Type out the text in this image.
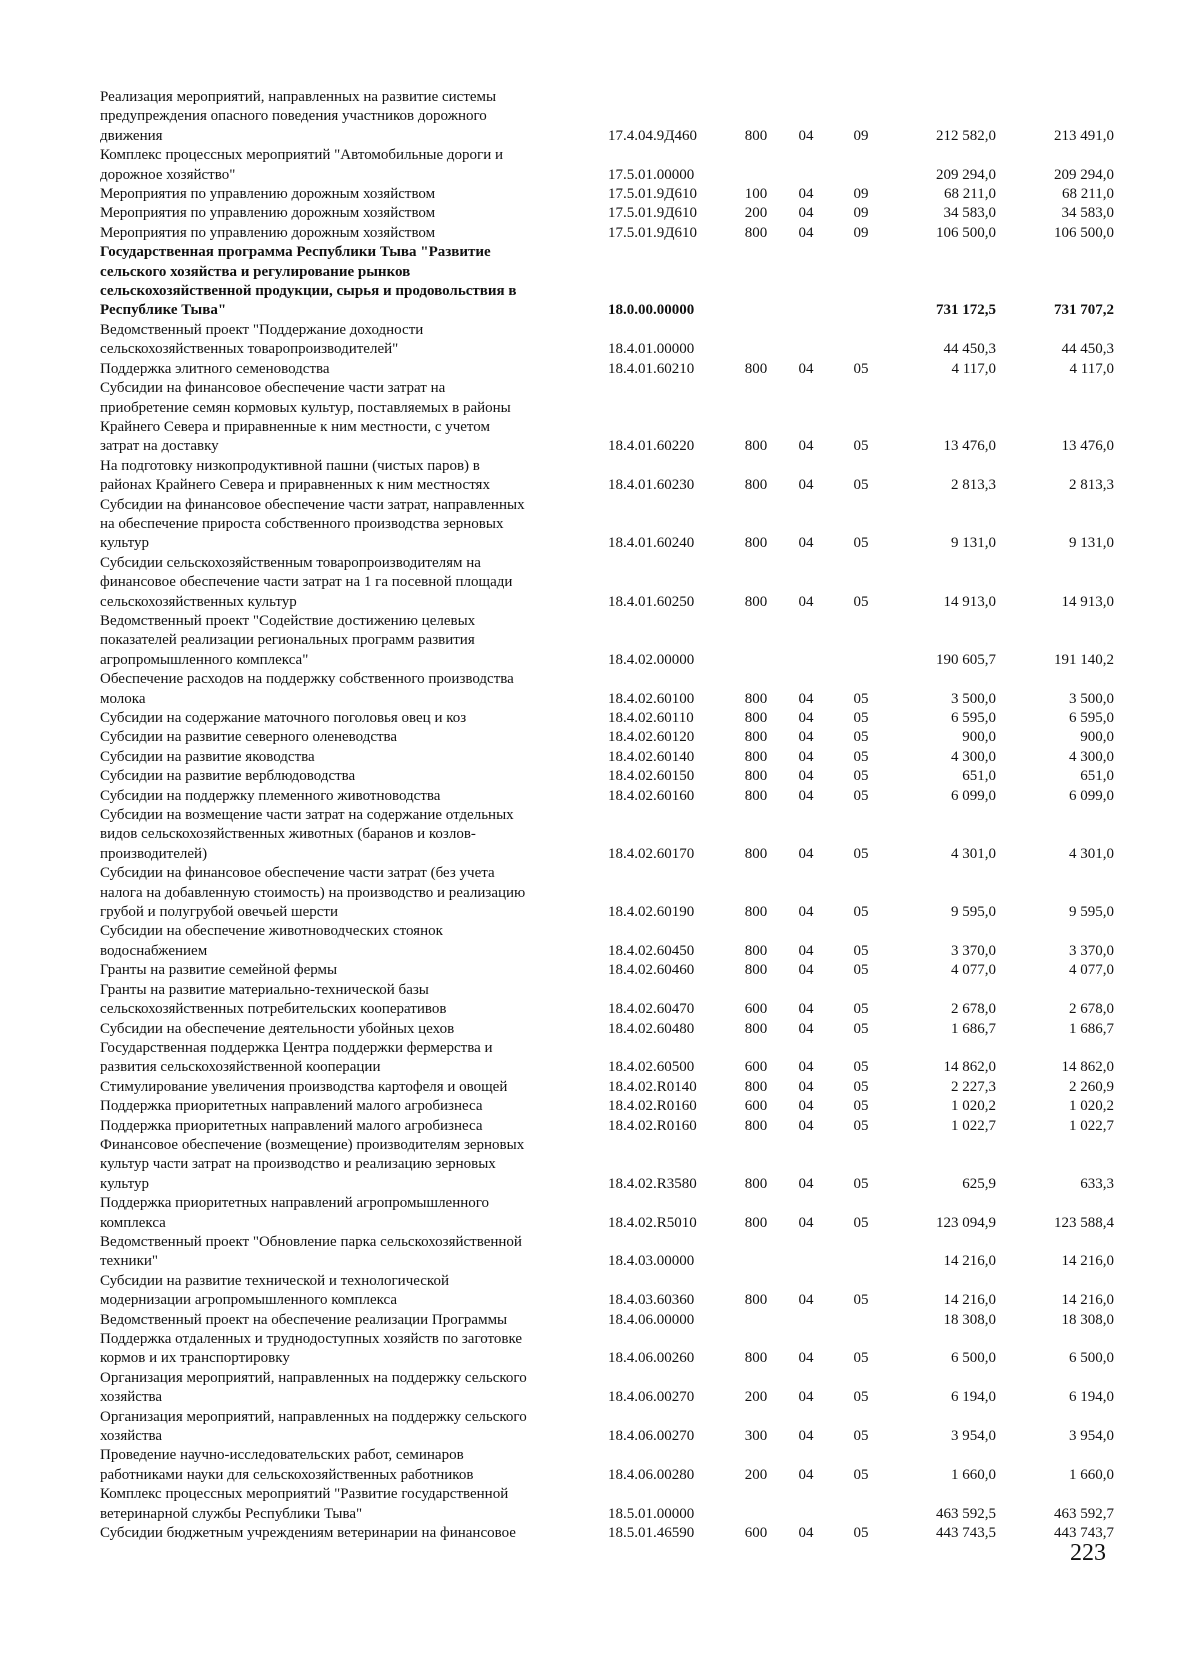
Реализация мероприятий, направленных на развитие системы
предупреждения опасного поведения участников дорожного
движения	17.4.04.9Д460	800	04	09	212 582,0	213 491,0
Комплекс процессных мероприятий "Автомобильные дороги и
дорожное хозяйство"	17.5.01.00000	209 294,0	209 294,0
Мероприятия по управлению дорожным хозяйством	17.5.01.9Д610	100	04	09	68 211,0	68 211,0
Мероприятия по управлению дорожным хозяйством	17.5.01.9Д610	200	04	09	34 583,0	34 583,0
Мероприятия по управлению дорожным хозяйством	17.5.01.9Д610	800	04	09	106 500,0	106 500,0
Государственная программа Республики Тыва "Развитие
сельского хозяйства и регулирование рынков
сельскохозяйственной продукции, сырья и продовольствия в
Республике Тыва"	18.0.00.00000	731 172,5	731 707,2
Ведомственный проект "Поддержание доходности
сельскохозяйственных товаропроизводителей"	18.4.01.00000	44 450,3	44 450,3
Поддержка элитного семеноводства	18.4.01.60210	800	04	05	4 117,0	4 117,0
Субсидии на финансовое обеспечение части затрат на
приобретение семян кормовых культур, поставляемых в районы
Крайнего Севера и приравненные к ним местности, с учетом
затрат на доставку	18.4.01.60220	800	04	05	13 476,0	13 476,0
На подготовку низкопродуктивной пашни (чистых паров) в
районах Крайнего Севера и приравненных к ним местностях	18.4.01.60230	800	04	05	2 813,3	2 813,3
Субсидии на финансовое обеспечение части затрат, направленных
на обеспечение прироста собственного производства зерновых
культур	18.4.01.60240	800	04	05	9 131,0	9 131,0
Субсидии сельскохозяйственным товаропроизводителям на
финансовое обеспечение части затрат на 1 га посевной площади
сельскохозяйственных культур	18.4.01.60250	800	04	05	14 913,0	14 913,0
Ведомственный проект "Содействие достижению целевых
показателей реализации региональных программ развития
агропромышленного комплекса"	18.4.02.00000	190 605,7	191 140,2
Обеспечение расходов на поддержку собственного производства
молока	18.4.02.60100	800	04	05	3 500,0	3 500,0
Субсидии на содержание маточного поголовья овец и коз	18.4.02.60110	800	04	05	6 595,0	6 595,0
Субсидии на развитие северного оленеводства	18.4.02.60120	800	04	05	900,0	900,0
Субсидии на развитие яководства	18.4.02.60140	800	04	05	4 300,0	4 300,0
Субсидии на развитие верблюдоводства	18.4.02.60150	800	04	05	651,0	651,0
Субсидии на поддержку племенного животноводства	18.4.02.60160	800	04	05	6 099,0	6 099,0
Субсидии на возмещение части затрат на содержание отдельных
видов сельскохозяйственных животных (баранов и козлов-
производителей)	18.4.02.60170	800	04	05	4 301,0	4 301,0
Субсидии на финансовое обеспечение части затрат (без учета
налога на добавленную стоимость) на производство и реализацию
грубой и полугрубой овечьей шерсти	18.4.02.60190	800	04	05	9 595,0	9 595,0
Субсидии на обеспечение животноводческих стоянок
водоснабжением	18.4.02.60450	800	04	05	3 370,0	3 370,0
Гранты на развитие семейной фермы	18.4.02.60460	800	04	05	4 077,0	4 077,0
Гранты на развитие материально-технической базы
сельскохозяйственных потребительских кооперативов	18.4.02.60470	600	04	05	2 678,0	2 678,0
Субсидии на обеспечение деятельности убойных цехов	18.4.02.60480	800	04	05	1 686,7	1 686,7
Государственная поддержка Центра поддержки фермерства и
развития сельскохозяйственной кооперации	18.4.02.60500	600	04	05	14 862,0	14 862,0
Стимулирование увеличения производства картофеля и овощей	18.4.02.R0140	800	04	05	2 227,3	2 260,9
Поддержка приоритетных направлений малого агробизнеса	18.4.02.R0160	600	04	05	1 020,2	1 020,2
Поддержка приоритетных направлений малого агробизнеса	18.4.02.R0160	800	04	05	1 022,7	1 022,7
Финансовое обеспечение (возмещение) производителям зерновых
культур части затрат на производство и реализацию зерновых
культур	18.4.02.R3580	800	04	05	625,9	633,3
Поддержка приоритетных направлений агропромышленного
комплекса	18.4.02.R5010	800	04	05	123 094,9	123 588,4
Ведомственный проект "Обновление парка сельскохозяйственной
техники"	18.4.03.00000	14 216,0	14 216,0
Субсидии на развитие технической и технологической
модернизации агропромышленного комплекса	18.4.03.60360	800	04	05	14 216,0	14 216,0
Ведомственный проект на обеспечение реализации Программы	18.4.06.00000	18 308,0	18 308,0
Поддержка отдаленных и труднодоступных хозяйств по заготовке
кормов и их транспортировку	18.4.06.00260	800	04	05	6 500,0	6 500,0
Организация мероприятий, направленных на поддержку сельского
хозяйства	18.4.06.00270	200	04	05	6 194,0	6 194,0
Организация мероприятий, направленных на поддержку сельского
хозяйства	18.4.06.00270	300	04	05	3 954,0	3 954,0
Проведение научно-исследовательских работ, семинаров
работниками науки для сельскохозяйственных работников	18.4.06.00280	200	04	05	1 660,0	1 660,0
Комплекс процессных мероприятий "Развитие государственной
ветеринарной службы Республики Тыва"	18.5.01.00000	463 592,5	463 592,7
Субсидии бюджетным учреждениям ветеринарии на финансовое	18.5.01.46590	600	04	05	443 743,5	443 743,7
223
